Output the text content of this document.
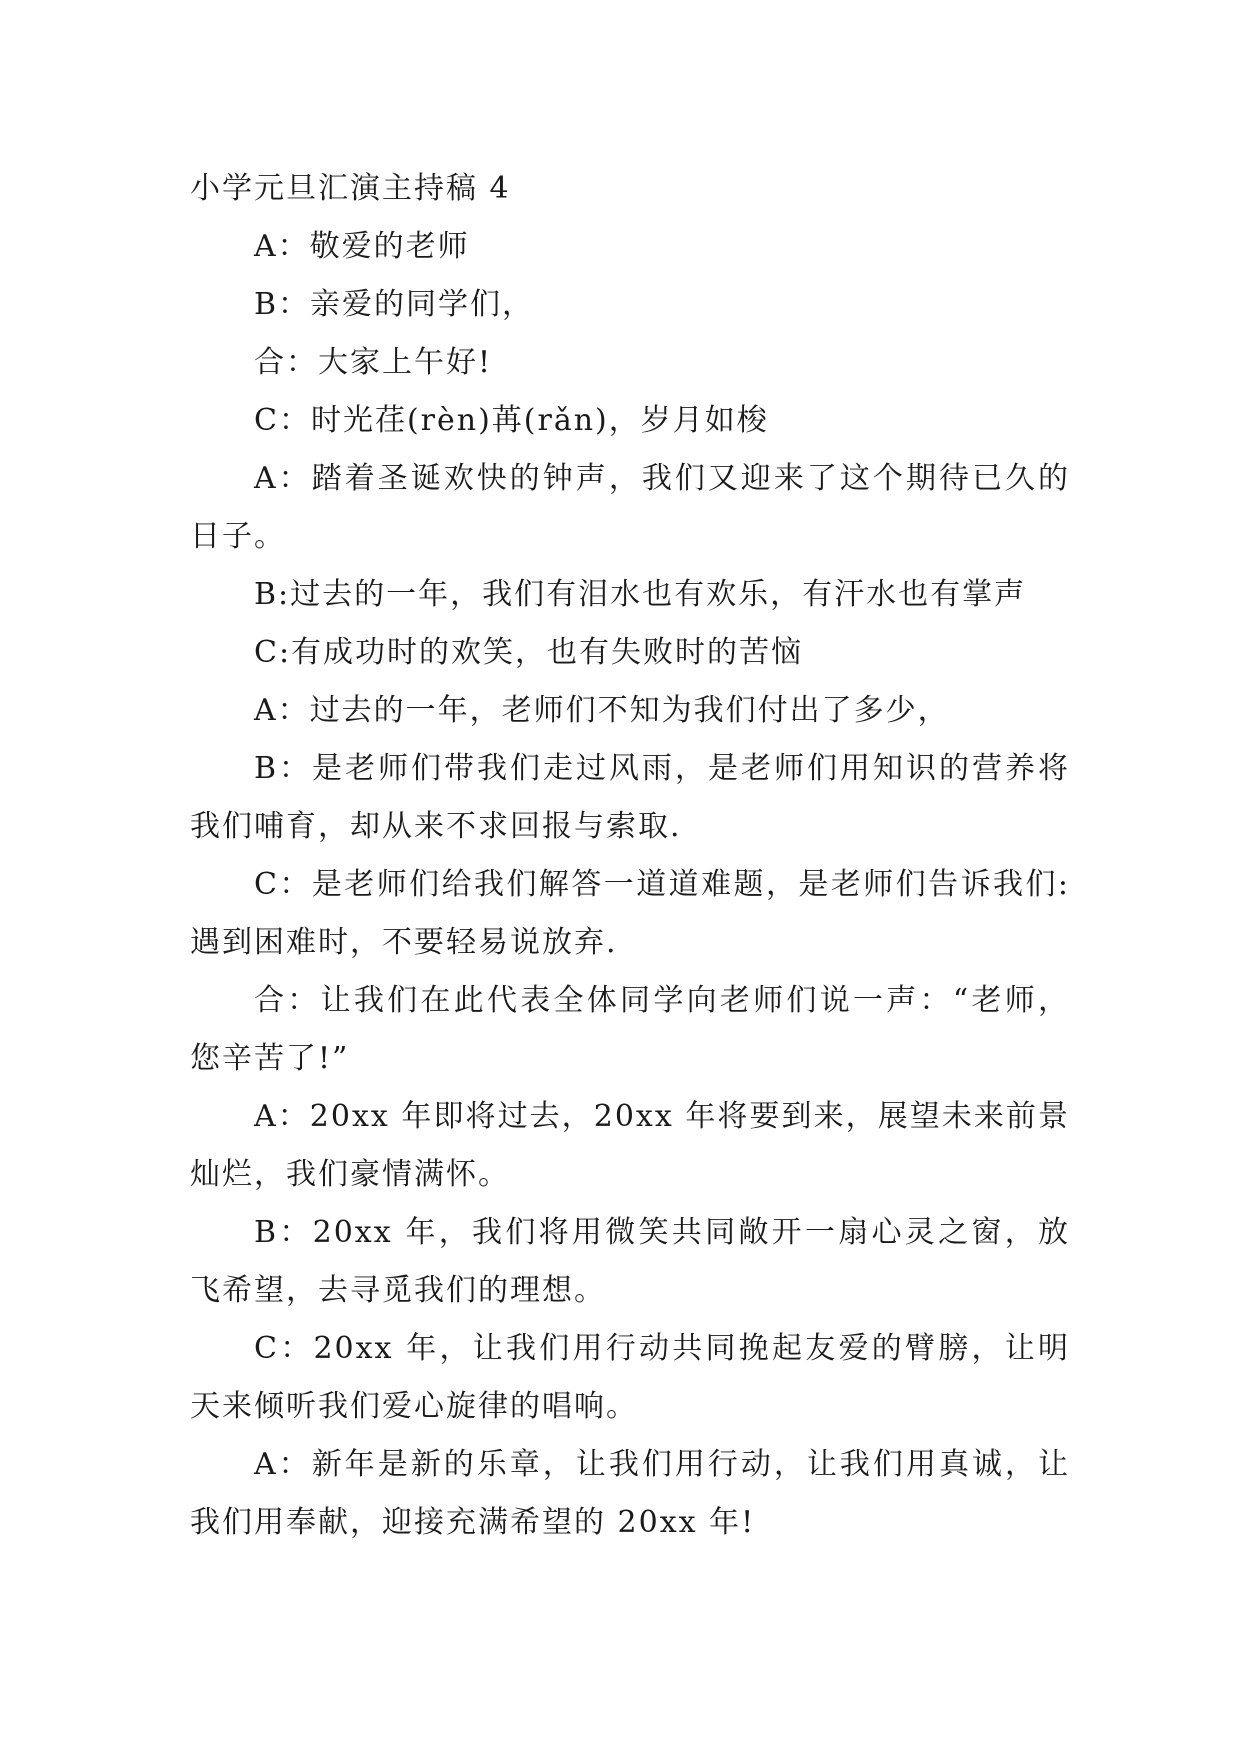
小学元旦汇演主持稿 4

A：敬爱的老师

B：亲爱的同学们，

合：大家上午好!

C：时光荏(rèn)苒(rǎn)，岁月如梭

A：踏着圣诞欢快的钟声，我们又迎来了这个期待已久的日子。

B:过去的一年，我们有泪水也有欢乐，有汗水也有掌声

C:有成功时的欢笑，也有失败时的苦恼

A：过去的一年，老师们不知为我们付出了多少，

B：是老师们带我们走过风雨，是老师们用知识的营养将我们哺育，却从来不求回报与索取.

C：是老师们给我们解答一道道难题，是老师们告诉我们:遇到困难时，不要轻易说放弃.

合：让我们在此代表全体同学向老师们说一声：“老师，您辛苦了!”

A：20xx 年即将过去，20xx 年将要到来，展望未来前景灿烂，我们豪情满怀。

B：20xx 年，我们将用微笑共同敞开一扇心灵之窗，放飞希望，去寻觅我们的理想。

C：20xx 年，让我们用行动共同挽起友爱的臂膀，让明天来倾听我们爱心旋律的唱响。

A：新年是新的乐章，让我们用行动，让我们用真诚，让我们用奉献，迎接充满希望的 20xx 年!
